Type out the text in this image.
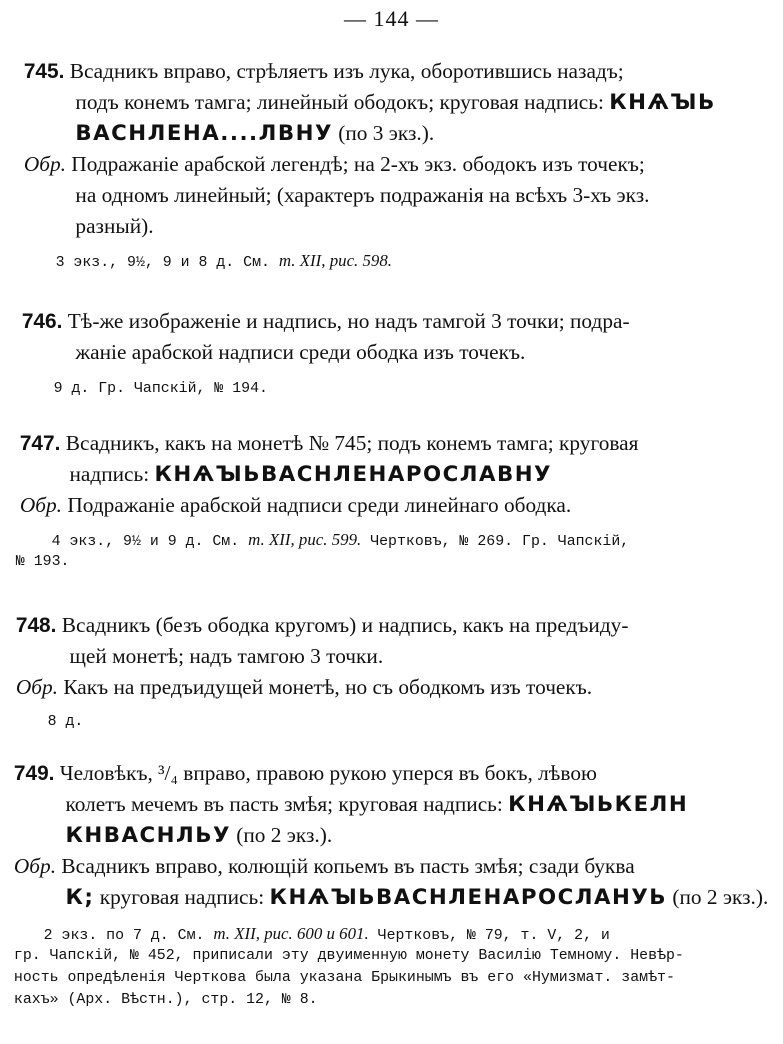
— 144 —
745. Всадникъ вправо, стрѣляетъ изъ лука, оборотившись назадъ;
подъ конемъ тамга; линейный ободокъ; круговая надпись: КНѦꙐЬ
ВАСНЛЕНА....ЛВНУ (по 3 экз.).
Обр. Подражаніе арабской легендѣ; на 2-хъ экз. ободокъ изъ точекъ;
на одномъ линейный; (характеръ подражанія на всѣхъ 3-хъ экз.
разный).
3 экз., 9½, 9 и 8 д. См. т. XII, рис. 598.
746. Тѣ-же изображеніе и надпись, но надъ тамгой 3 точки; подра-
жаніе арабской надписи среди ободка изъ точекъ.
9 д. Гр. Чапскій, № 194.
747. Всадникъ, какъ на монетѣ № 745; подъ конемъ тамга; круговая
надпись: КНѦꙐЬВАСНЛЕНАРОСЛАВНУ
Обр. Подражаніе арабской надписи среди линейнаго ободка.
4 экз., 9½ и 9 д. См. т. XII, рис. 599. Чертковъ, № 269. Гр. Чапскій,
№ 193.
748. Всадникъ (безъ ободка кругомъ) и надпись, какъ на предъиду-
щей монетѣ; надъ тамгою 3 точки.
Обр. Какъ на предъидущей монетѣ, но съ ободкомъ изъ точекъ.
8 д.
749. Человѣкъ, ³/₄ вправо, правою рукою уперся въ бокъ, лѣвою
колетъ мечемъ въ пасть змѣя; круговая надпись: КНѦꙐЬКЕЛН
КНВАСНЛЬУ (по 2 экз.).
Обр. Всадникъ вправо, колющій копьемъ въ пасть змѣя; сзади буква
К; круговая надпись: КНѦꙐЬВАСНЛЕНАРОСЛАНУЬ (по 2 экз.).
2 экз. по 7 д. См. т. XII, рис. 600 и 601. Чертковъ, № 79, т. V, 2, и
гр. Чапскій, № 452, приписали эту двуименную монету Василію Темному. Невѣр-
ность опредѣленія Черткова была указана Брыкинымъ въ его «Нумизмат. замѣт-
кахъ» (Арх. Вѣстн.), стр. 12, № 8.
